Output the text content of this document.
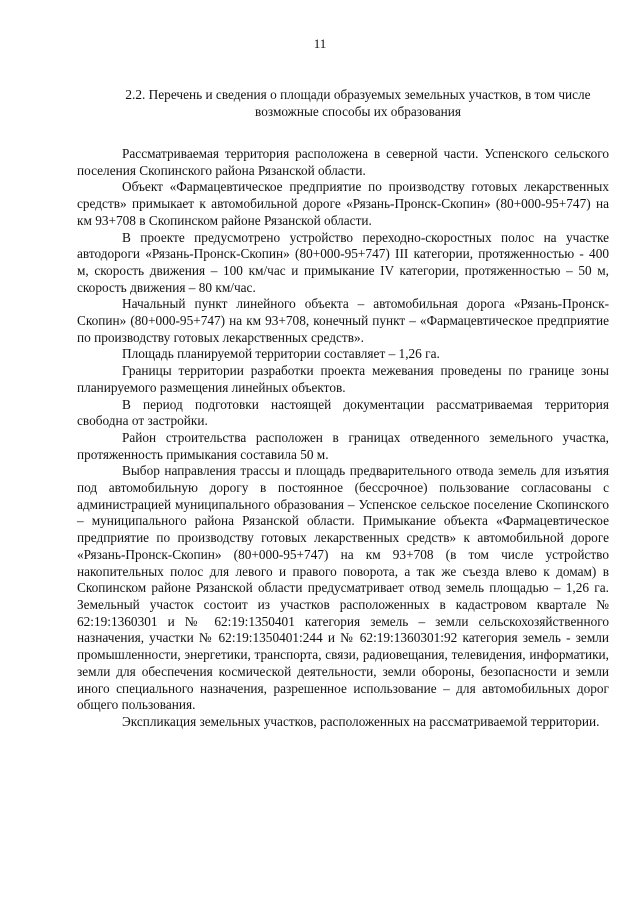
11
2.2. Перечень и сведения о площади образуемых земельных участков, в том числе возможные способы их образования

Рассматриваемая территория расположена в северной части. Успенского сельского поселения Скопинского района Рязанской области.

Объект «Фармацевтическое предприятие по производству готовых лекарственных средств» примыкает к автомобильной дороге «Рязань-Пронск-Скопин» (80+000-95+747) на км 93+708 в Скопинском районе Рязанской области.

В проекте предусмотрено устройство переходно-скоростных полос на участке автодороги «Рязань-Пронск-Скопин» (80+000-95+747) III категории, протяженностью - 400 м, скорость движения – 100 км/час и примыкание IV категории, протяженностью – 50 м, скорость движения – 80 км/час.

Начальный пункт линейного объекта – автомобильная дорога «Рязань-Пронск-Скопин» (80+000-95+747) на км 93+708, конечный пункт – «Фармацевтическое предприятие по производству готовых лекарственных средств».

Площадь планируемой территории составляет – 1,26 га.

Границы территории разработки проекта межевания проведены по границе зоны планируемого размещения линейных объектов.

В период подготовки настоящей документации рассматриваемая территория свободна от застройки.

Район строительства расположен в границах отведенного земельного участка, протяженность примыкания составила 50 м.

Выбор направления трассы и площадь предварительного отвода земель для изъятия под автомобильную дорогу в постоянное (бессрочное) пользование согласованы с администрацией муниципального образования – Успенское сельское поселение Скопинского – муниципального района Рязанской области. Примыкание объекта «Фармацевтическое предприятие по производству готовых лекарственных средств» к автомобильной дороге «Рязань-Пронск-Скопин» (80+000-95+747) на км 93+708 (в том числе устройство накопительных полос для левого и правого поворота, а так же съезда влево к домам) в Скопинском районе Рязанской области предусматривает отвод земель площадью – 1,26 га. Земельный участок состоит из участков расположенных в кадастровом квартале № 62:19:1360301 и № 62:19:1350401 категория земель – земли сельскохозяйственного назначения, участки № 62:19:1350401:244 и № 62:19:1360301:92 категория земель - земли промышленности, энергетики, транспорта, связи, радиовещания, телевидения, информатики, земли для обеспечения космической деятельности, земли обороны, безопасности и земли иного специального назначения, разрешенное использование – для автомобильных дорог общего пользования.

Экспликация земельных участков, расположенных на рассматриваемой территории.
